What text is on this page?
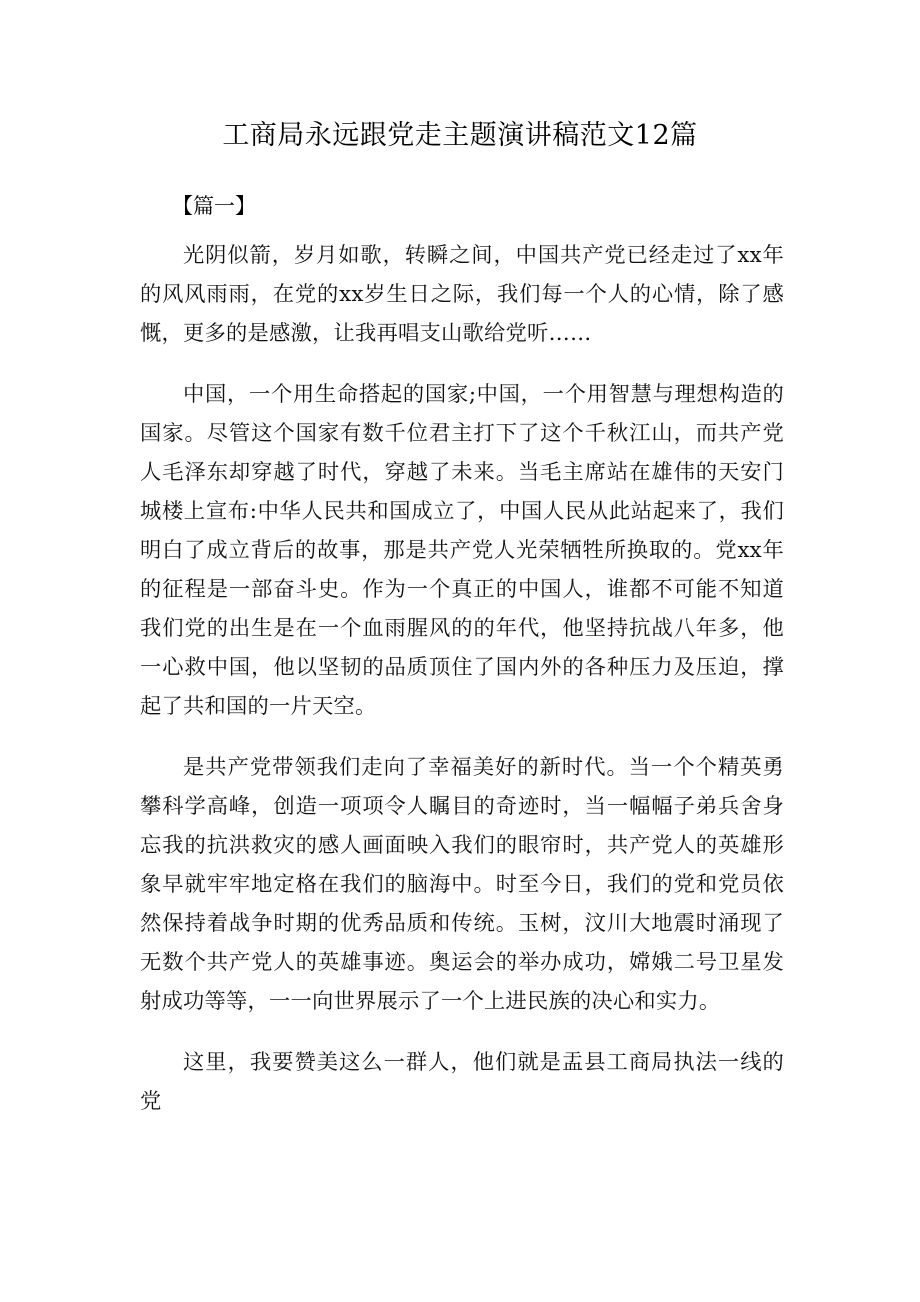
工商局永远跟党走主题演讲稿范文12篇
【篇一】

光阴似箭，岁月如歌，转瞬之间，中国共产党已经走过了xx年的风风雨雨，在党的xx岁生日之际，我们每一个人的心情，除了感慨，更多的是感激，让我再唱支山歌给党听……

中国，一个用生命搭起的国家;中国，一个用智慧与理想构造的国家。尽管这个国家有数千位君主打下了这个千秋江山，而共产党人毛泽东却穿越了时代，穿越了未来。当毛主席站在雄伟的天安门城楼上宣布:中华人民共和国成立了，中国人民从此站起来了，我们明白了成立背后的故事，那是共产党人光荣牺牲所换取的。党xx年的征程是一部奋斗史。作为一个真正的中国人，谁都不可能不知道我们党的出生是在一个血雨腥风的的年代，他坚持抗战八年多，他一心救中国，他以坚韧的品质顶住了国内外的各种压力及压迫，撑起了共和国的一片天空。

是共产党带领我们走向了幸福美好的新时代。当一个个精英勇攀科学高峰，创造一项项令人瞩目的奇迹时，当一幅幅子弟兵舍身忘我的抗洪救灾的感人画面映入我们的眼帘时，共产党人的英雄形象早就牢牢地定格在我们的脑海中。时至今日，我们的党和党员依然保持着战争时期的优秀品质和传统。玉树，汶川大地震时涌现了无数个共产党人的英雄事迹。奥运会的举办成功，嫦娥二号卫星发射成功等等，一一向世界展示了一个上进民族的决心和实力。

这里，我要赞美这么一群人，他们就是盂县工商局执法一线的党
